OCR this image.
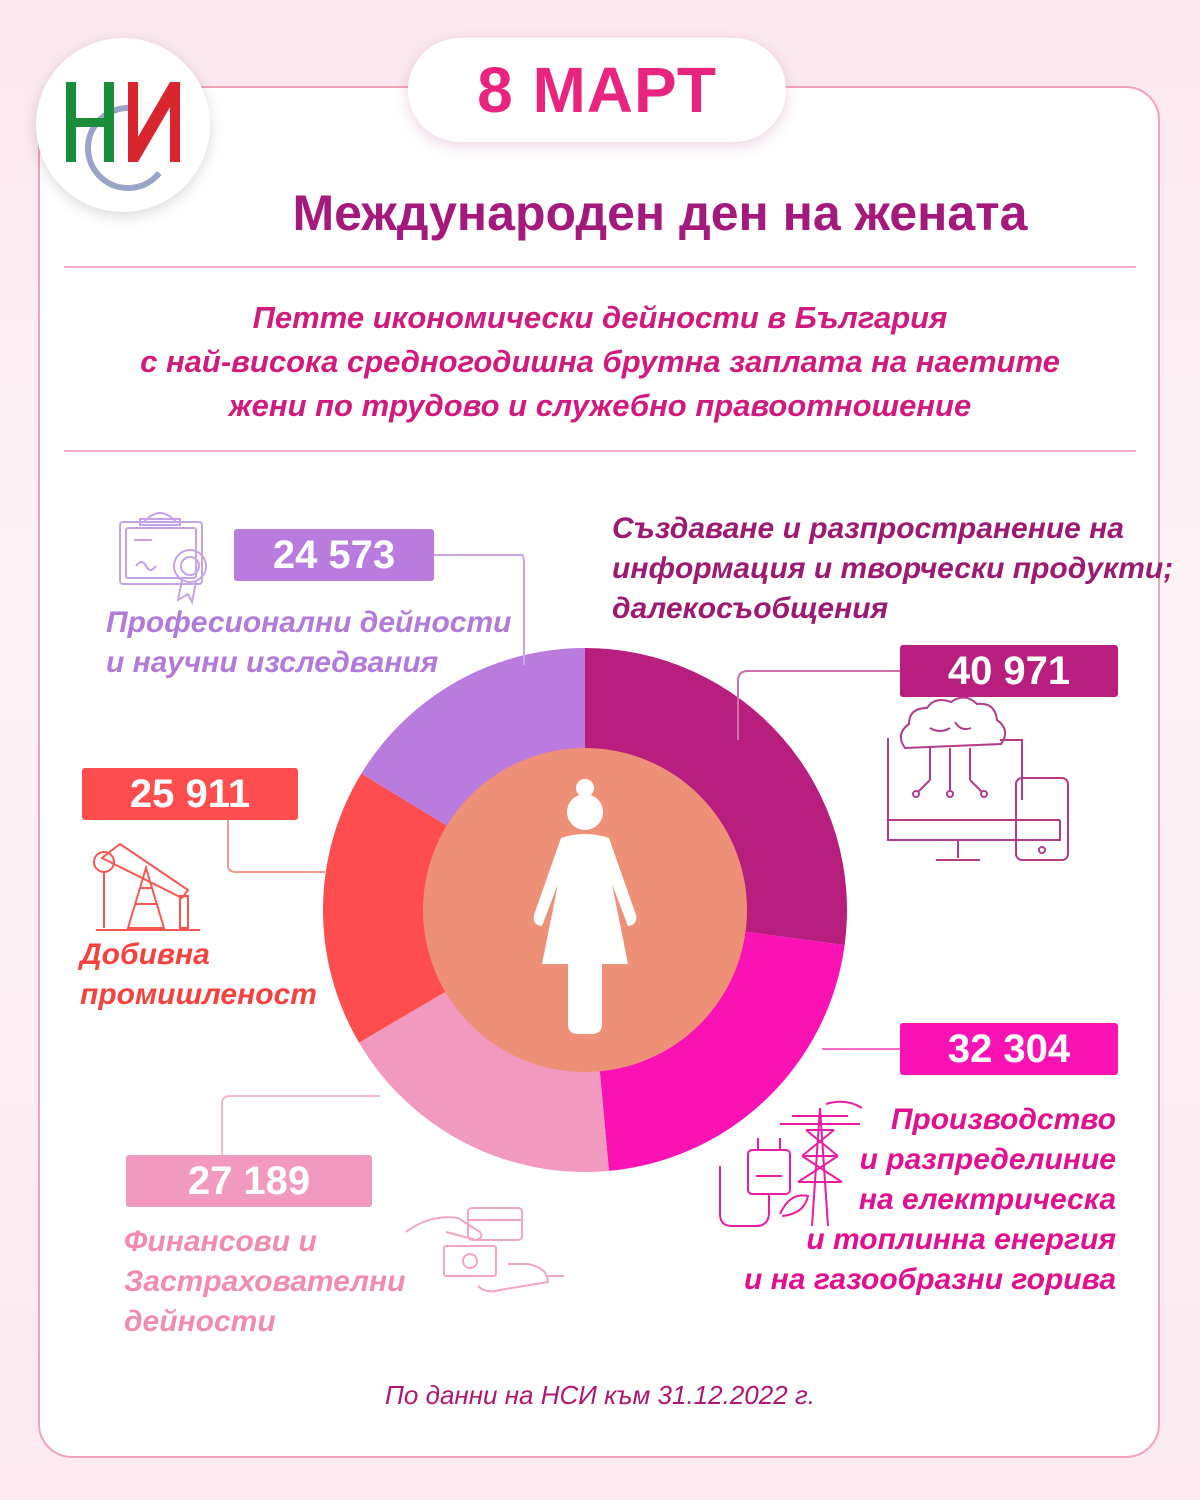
8 МАРТ
Международен ден на жената
Петте икономически дейности в България
с най-висока средногодишна брутна заплата на наетите
жени по трудово и служебно правоотношение
24 573
40 971
25 911
32 304
27 189
Професионални дейности
и научни изследвания
Създаване и разпространение на
информация и творчески продукти;
далекосъобщения
Добивна
промишленост
Производство
и разпределиние
на електрическа
и топлинна енергия
и на газообразни горива
Финансови и
Застрахователни
дейности
По данни на НСИ към 31.12.2022 г.
